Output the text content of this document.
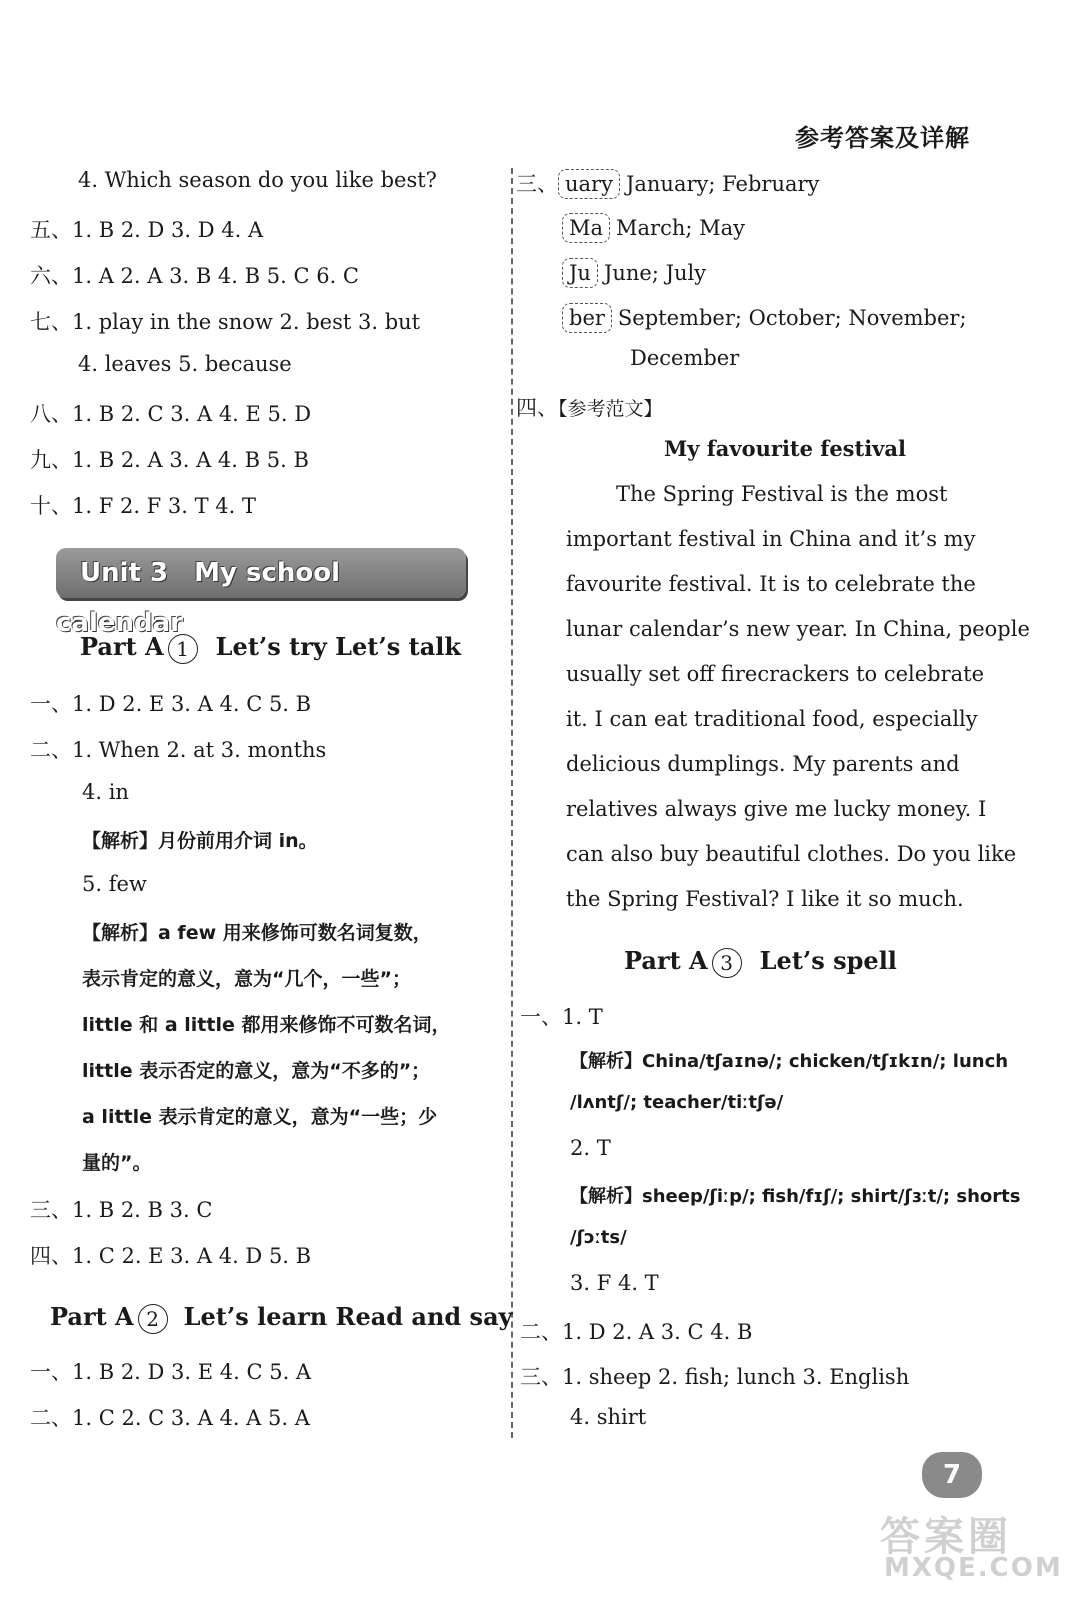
参考答案及详解
4. Which season do you like best?
五、1. B 2. D 3. D 4. A
六、1. A 2. A 3. B 4. B 5. C 6. C
七、1. play in the snow 2. best 3. but
4. leaves 5. because
八、1. B 2. C 3. A 4. E 5. D
九、1. B 2. A 3. A 4. B 5. B
十、1. F 2. F 3. T 4. T
Unit 3 My school calendar
Part A 1 Let’s try Let’s talk
一、1. D 2. E 3. A 4. C 5. B
二、1. When 2. at 3. months
4. in
【解析】月份前用介词 in。
5. few
【解析】a few 用来修饰可数名词复数，
表示肯定的意义，意为“几个，一些”；
little 和 a little 都用来修饰不可数名词，
little 表示否定的意义，意为“不多的”；
a little 表示肯定的意义，意为“一些；少
量的”。
三、1. B 2. B 3. C
四、1. C 2. E 3. A 4. D 5. B
Part A 2 Let’s learn Read and say
一、1. B 2. D 3. E 4. C 5. A
二、1. C 2. C 3. A 4. A 5. A
三、 uary January; February
Ma March; May
Ju June; July
ber September; October; November;
December
四、【参考范文】
My favourite festival
The Spring Festival is the most
important festival in China and it’s my
favourite festival. It is to celebrate the
lunar calendar’s new year. In China, people
usually set off firecrackers to celebrate
it. I can eat traditional food, especially
delicious dumplings. My parents and
relatives always give me lucky money. I
can also buy beautiful clothes. Do you like
the Spring Festival? I like it so much.
Part A 3 Let’s spell
一、1. T
【解析】China/tʃaɪnə/; chicken/tʃɪkɪn/; lunch
/lʌntʃ/; teacher/tiːtʃə/
2. T
【解析】sheep/ʃiːp/; fish/fɪʃ/; shirt/ʃɜːt/; shorts
/ʃɔːts/
3. F 4. T
二、1. D 2. A 3. C 4. B
三、1. sheep 2. fish; lunch 3. English
4. shirt
7
答案圈
MXQE.COM
